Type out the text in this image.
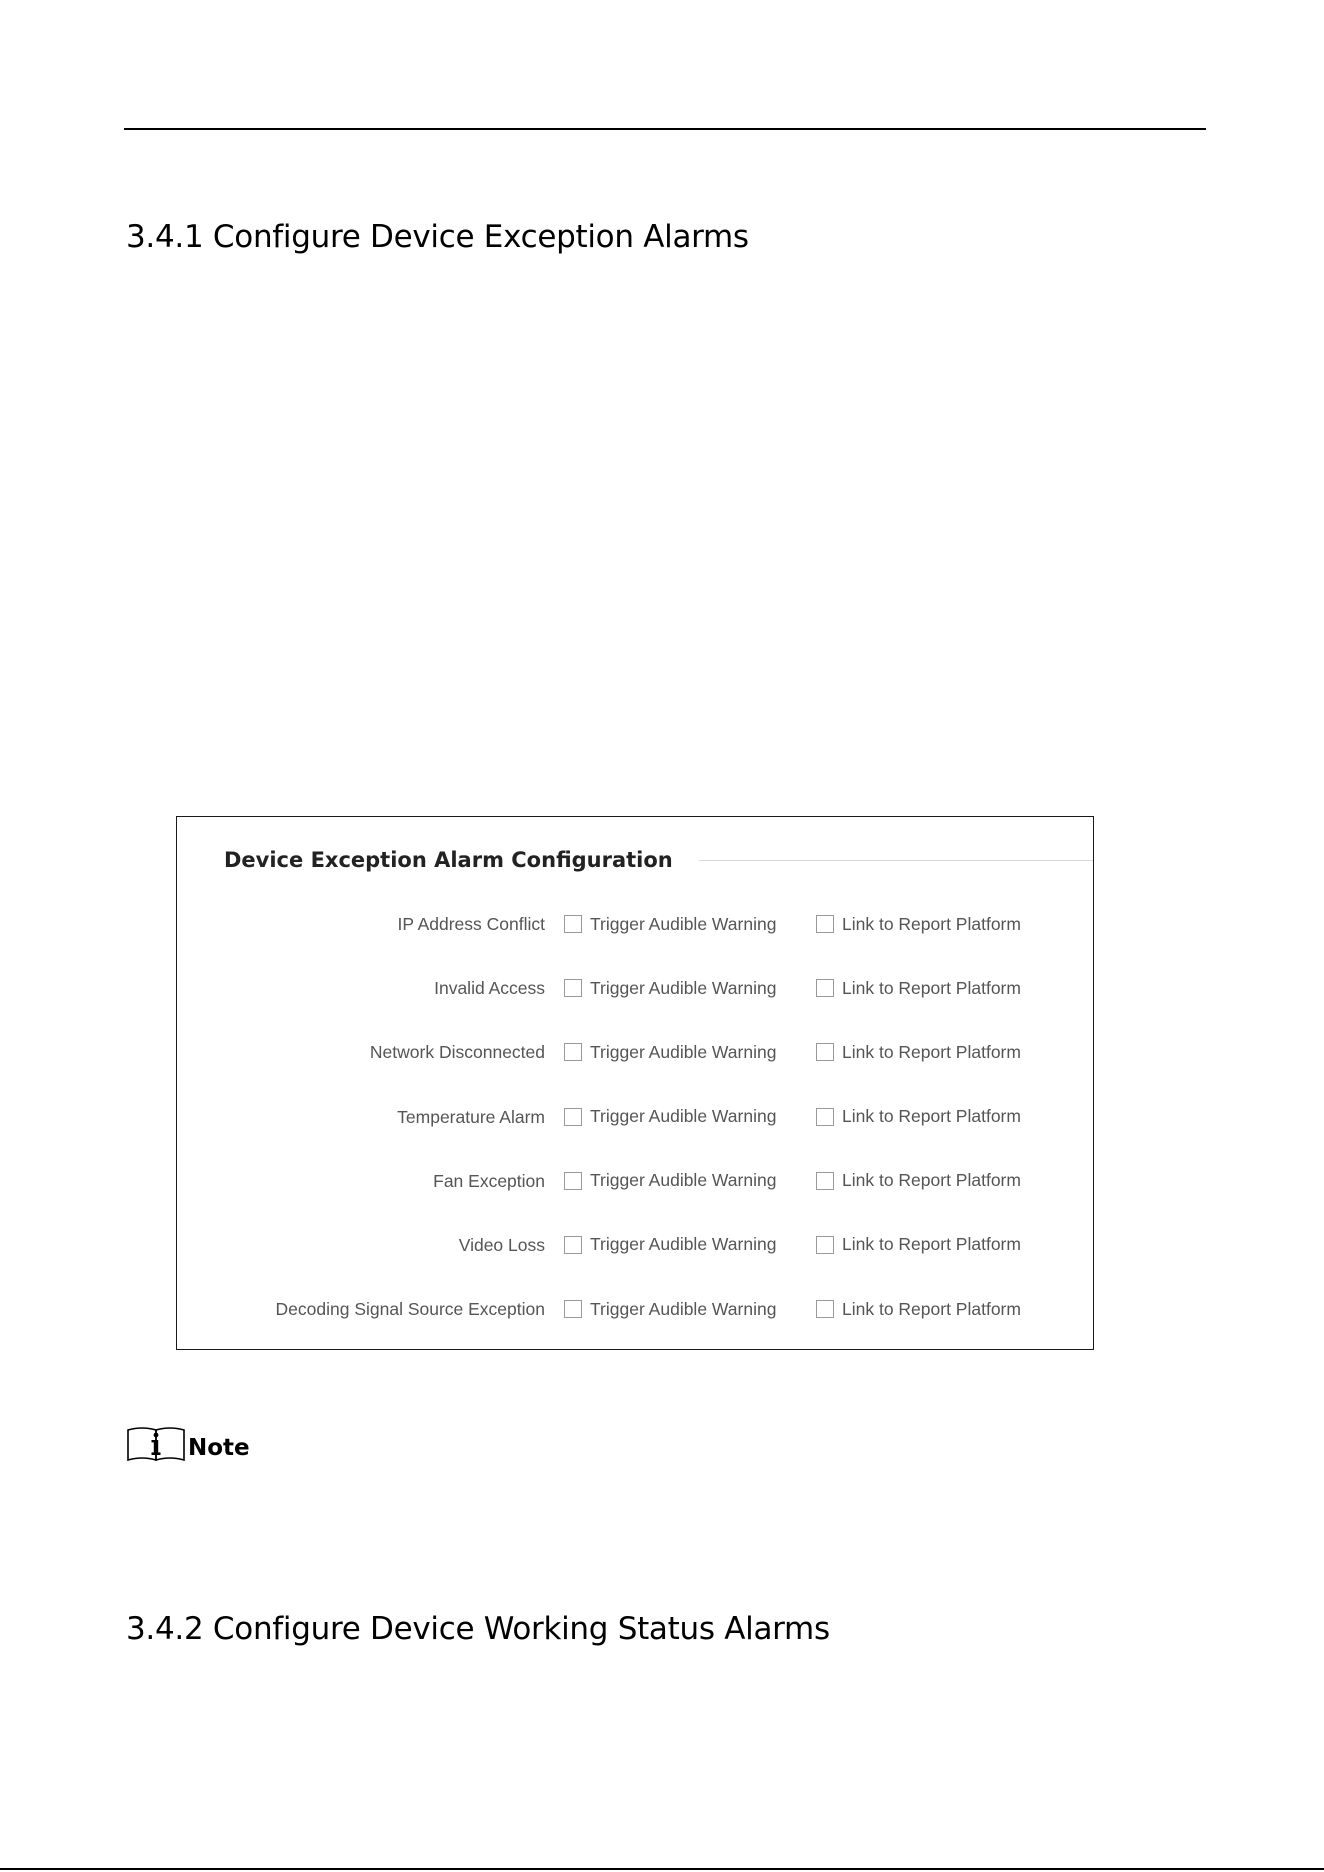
3.4.1 Configure Device Exception Alarms
Device Exception Alarm Configuration
IP Address Conflict	Trigger Audible Warning	Link to Report Platform
Invalid Access	Trigger Audible Warning	Link to Report Platform
Network Disconnected	Trigger Audible Warning	Link to Report Platform
Temperature Alarm	Trigger Audible Warning	Link to Report Platform
Fan Exception	Trigger Audible Warning	Link to Report Platform
Video Loss	Trigger Audible Warning	Link to Report Platform
Decoding Signal Source Exception	Trigger Audible Warning	Link to Report Platform
Note
3.4.2 Configure Device Working Status Alarms
